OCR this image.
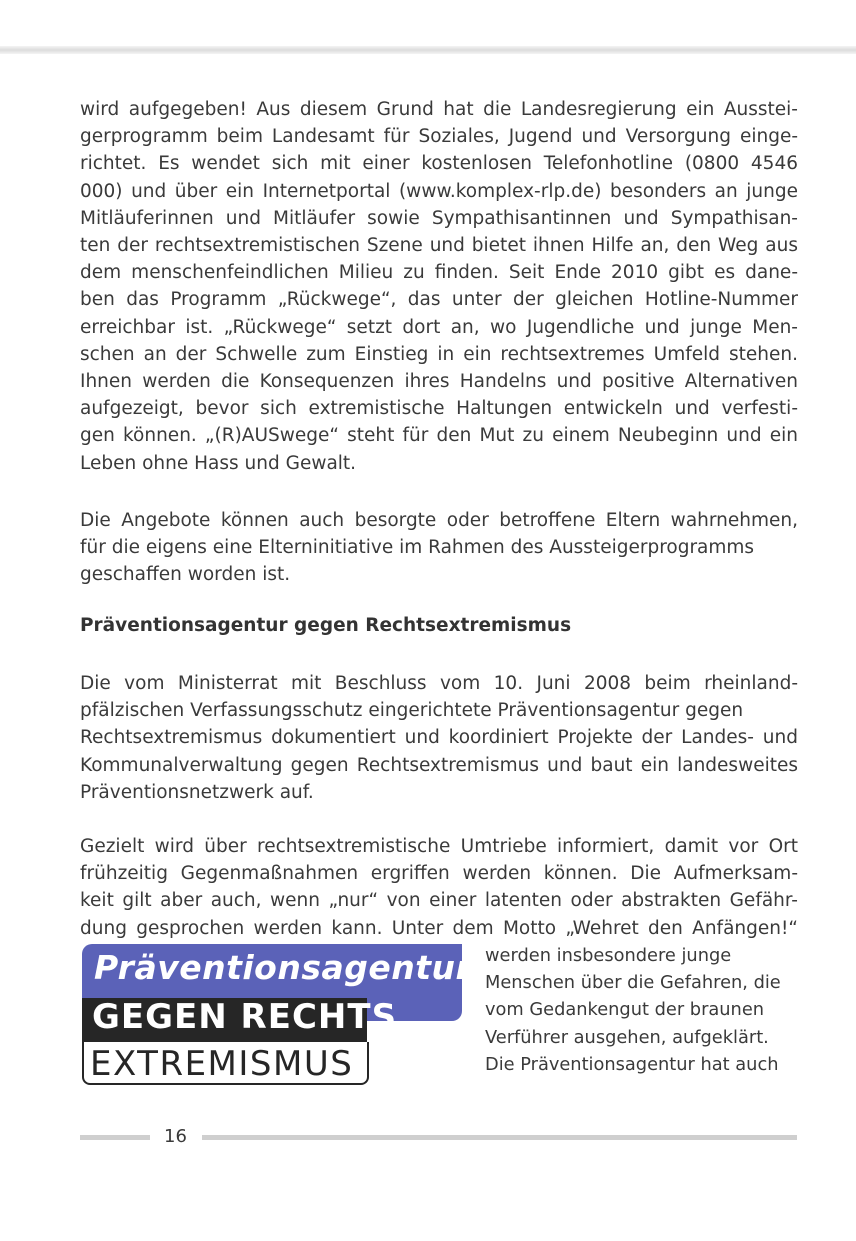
wird aufgegeben! Aus diesem Grund hat die Landesregierung ein Ausstei-
gerprogramm beim Landesamt für Soziales, Jugend und Versorgung einge-
richtet. Es wendet sich mit einer kostenlosen Telefonhotline (0800 4546
000) und über ein Internetportal (www.komplex-rlp.de) besonders an junge
Mitläuferinnen und Mitläufer sowie Sympathisantinnen und Sympathisan-
ten der rechtsextremistischen Szene und bietet ihnen Hilfe an, den Weg aus
dem menschenfeindlichen Milieu zu finden. Seit Ende 2010 gibt es dane-
ben das Programm „Rückwege“, das unter der gleichen Hotline-Nummer
erreichbar ist. „Rückwege“ setzt dort an, wo Jugendliche und junge Men-
schen an der Schwelle zum Einstieg in ein rechtsextremes Umfeld stehen.
Ihnen werden die Konsequenzen ihres Handelns und positive Alternativen
aufgezeigt, bevor sich extremistische Haltungen entwickeln und verfesti-
gen können. „(R)AUSwege“ steht für den Mut zu einem Neubeginn und ein
Leben ohne Hass und Gewalt.
Die Angebote können auch besorgte oder betroffene Eltern wahrnehmen,
für die eigens eine Elterninitiative im Rahmen des Aussteigerprogramms
geschaffen worden ist.
Präventionsagentur gegen Rechtsextremismus
Die vom Ministerrat mit Beschluss vom 10. Juni 2008 beim rheinland-
pfälzischen Verfassungsschutz eingerichtete Präventionsagentur gegen
Rechtsextremismus dokumentiert und koordiniert Projekte der Landes- und
Kommunalverwaltung gegen Rechtsextremismus und baut ein landesweites
Präventionsnetzwerk auf.
Gezielt wird über rechtsextremistische Umtriebe informiert, damit vor Ort
frühzeitig Gegenmaßnahmen ergriffen werden können. Die Aufmerksam-
keit gilt aber auch, wenn „nur“ von einer latenten oder abstrakten Gefähr-
dung gesprochen werden kann. Unter dem Motto „Wehret den Anfängen!“
Präventionsagentur
GEGEN RECHTS
EXTREMISMUS
werden insbesondere junge
Menschen über die Gefahren, die
vom Gedankengut der braunen
Verführer ausgehen, aufgeklärt.
Die Präventionsagentur hat auch
16
